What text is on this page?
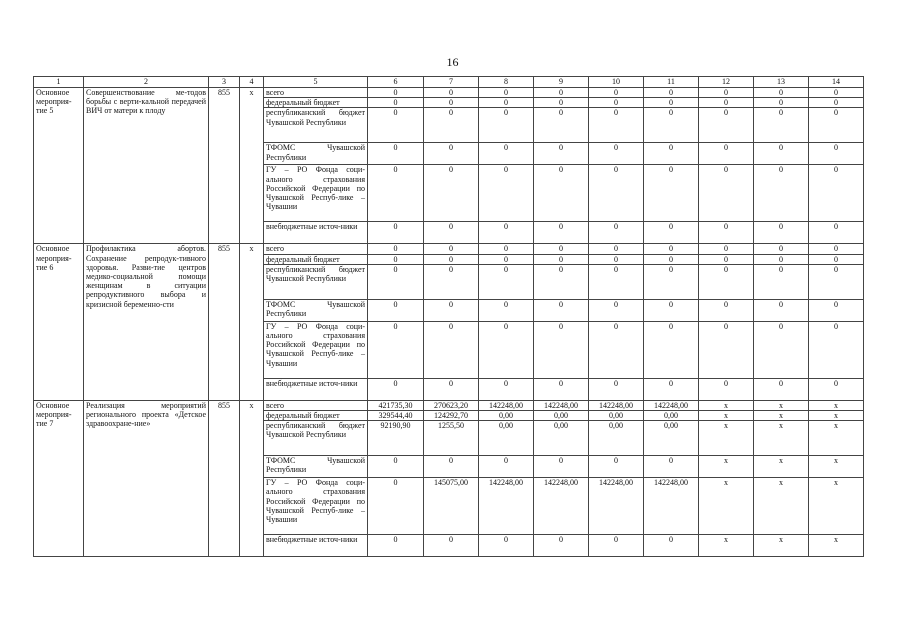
16
1	2	3	4	5	6	7	8	9	10	11	12	13	14
Основное мероприя-тие 5	Совершенствование ме-тодов борьбы с верти-кальной передачей ВИЧ от матери к плоду	855	х	всего	0	0	0	0	0	0	0	0	0
				федеральный бюджет	0	0	0	0	0	0	0	0	0
				республиканский бюджет Чувашской Республики	0	0	0	0	0	0	0	0	0
				ТФОМС Чувашской Республики	0	0	0	0	0	0	0	0	0
				ГУ – РО Фонда соци-ального страхования Российской Федерации по Чувашской Респуб-лике – Чувашии	0	0	0	0	0	0	0	0	0
				внебюджетные источ-ники	0	0	0	0	0	0	0	0	0
Основное мероприя-тие 6	Профилактика абортов. Сохранение репродук-тивного здоровья. Разви-тие центров медико-социальной помощи женщинам в ситуации репродуктивного выбора и кризисной беременно-сти	855	х	всего	0	0	0	0	0	0	0	0	0
				федеральный бюджет	0	0	0	0	0	0	0	0	0
				республиканский бюджет Чувашской Республики	0	0	0	0	0	0	0	0	0
				ТФОМС Чувашской Республики	0	0	0	0	0	0	0	0	0
				ГУ – РО Фонда соци-ального страхования Российской Федерации по Чувашской Респуб-лике – Чувашии	0	0	0	0	0	0	0	0	0
				внебюджетные источ-ники	0	0	0	0	0	0	0	0	0
Основное мероприя-тие 7	Реализация мероприятий регионального проекта «Детское здравоохране-ние»	855	х	всего	421735,30	270623,20	142248,00	142248,00	142248,00	142248,00	х	х	х
				федеральный бюджет	329544,40	124292,70	0,00	0,00	0,00	0,00	х	х	х
				республиканский бюджет Чувашской Республики	92190,90	1255,50	0,00	0,00	0,00	0,00	х	х	х
				ТФОМС Чувашской Республики	0	0	0	0	0	0	х	х	х
				ГУ – РО Фонда соци-ального страхования Российской Федерации по Чувашской Респуб-лике – Чувашии	0	145075,00	142248,00	142248,00	142248,00	142248,00	х	х	х
				внебюджетные источ-ники	0	0	0	0	0	0	х	х	х
